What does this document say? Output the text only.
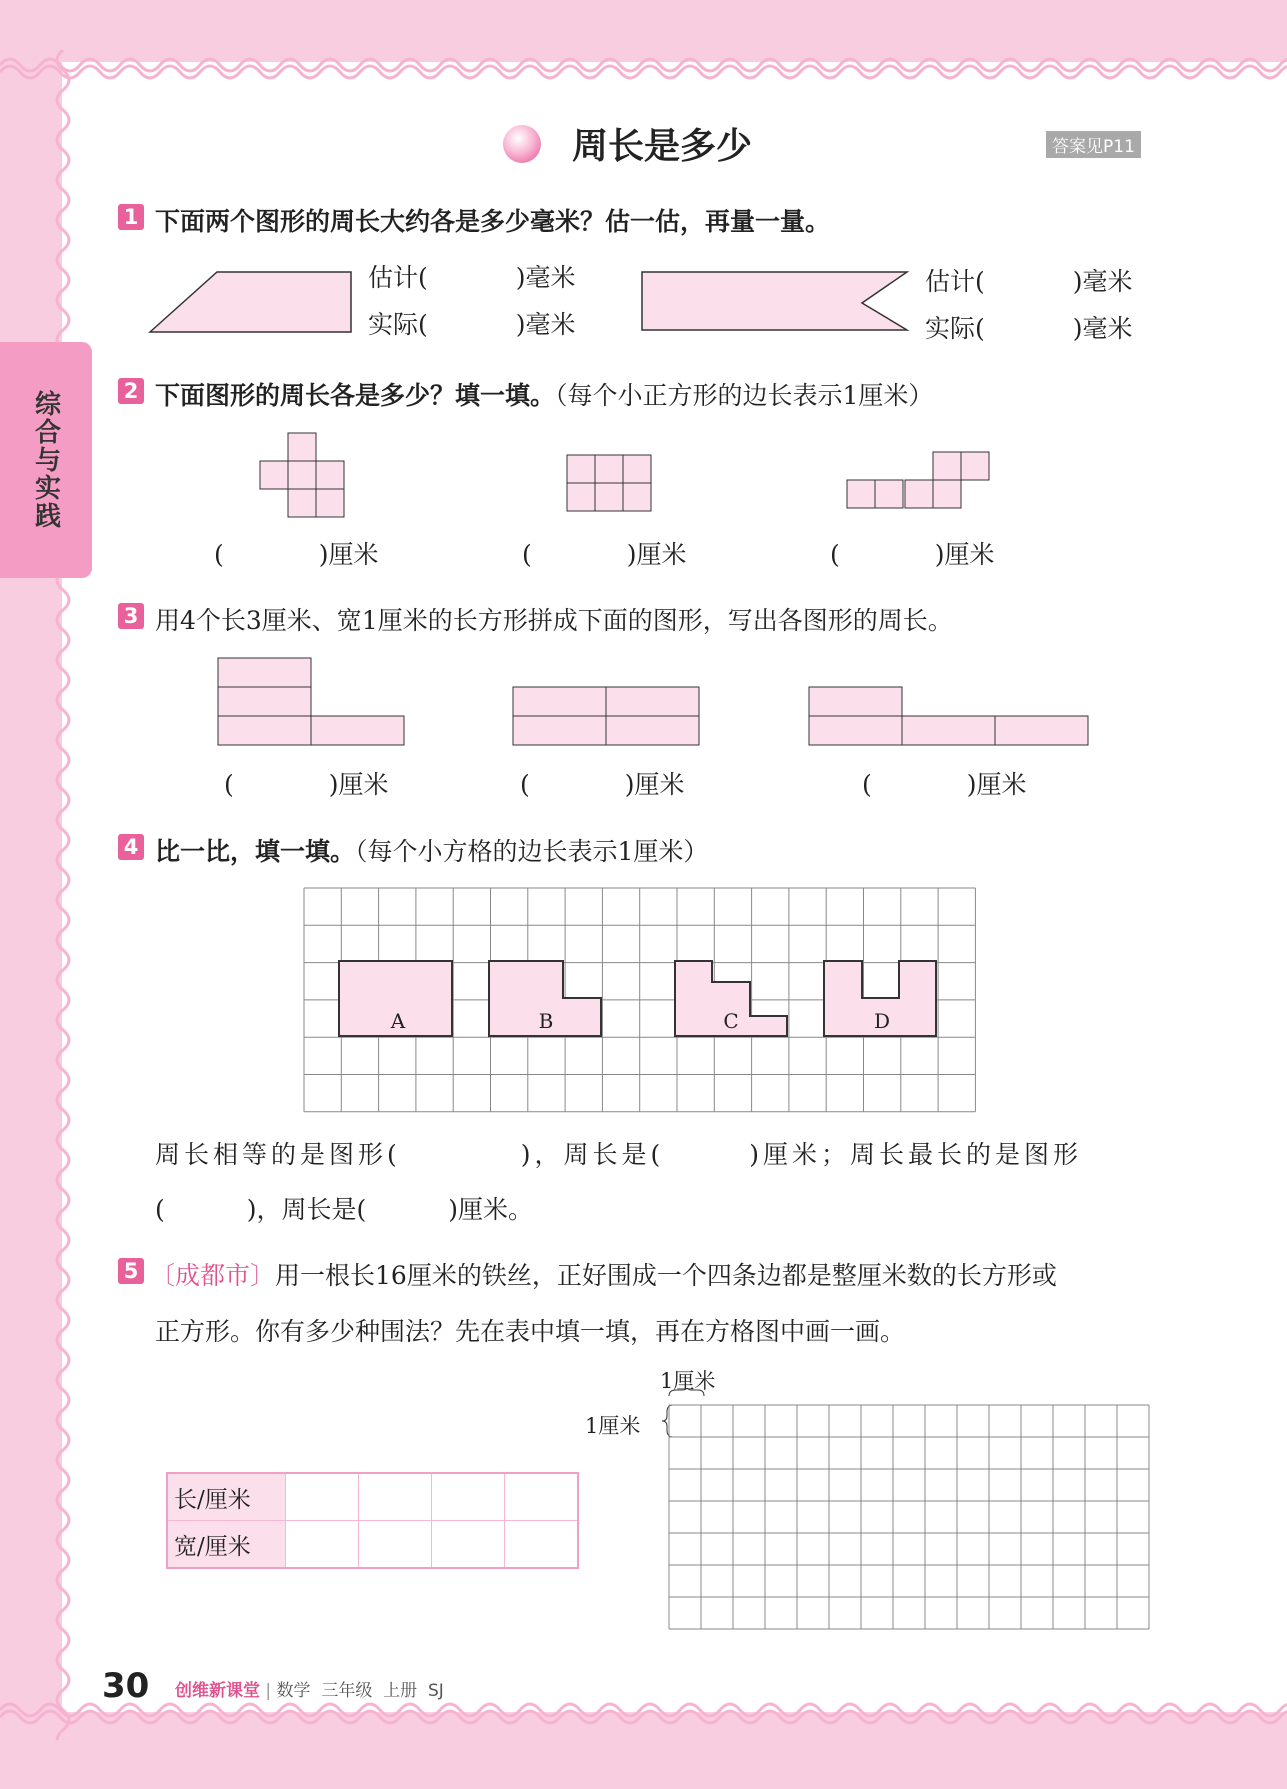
综合与实践
周长是多少	答案见P11
1 下面两个图形的周长大约各是多少毫米？估一估，再量一量。
估计(	)毫米
实际(	)毫米
估计(	)毫米
实际(	)毫米
2 下面图形的周长各是多少？填一填。（每个小正方形的边长表示1厘米）
(	)厘米	(	)厘米	(	)厘米
3 用4个长3厘米、宽1厘米的长方形拼成下面的图形，写出各图形的周长。
(	)厘米	(	)厘米	(	)厘米
4 比一比，填一填。（每个小方格的边长表示1厘米）
A	B	C	D
周长相等的是图形(	)，周长是(	)厘米；周长最长的是图形
(	)，周长是(	)厘米。
5 〔成都市〕用一根长16厘米的铁丝，正好围成一个四条边都是整厘米数的长方形或
正方形。你有多少种围法？先在表中填一填，再在方格图中画一画。
1厘米
1厘米
长/厘米				
宽/厘米				
30 创维新课堂 | 数学 三年级 上册 SJ
